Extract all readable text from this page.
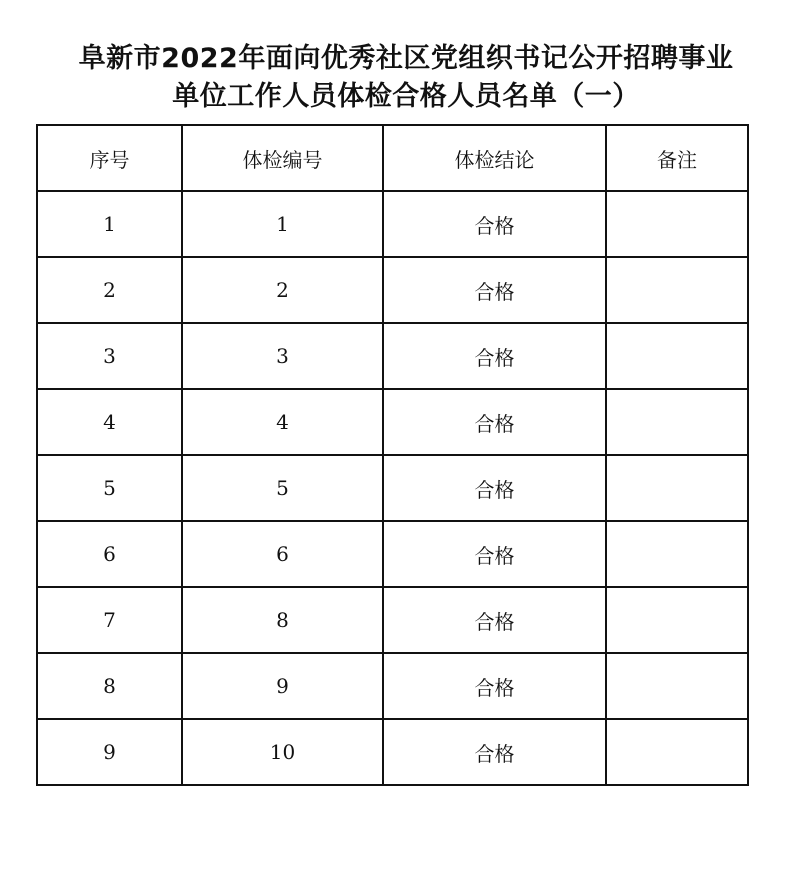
阜新市2022年面向优秀社区党组织书记公开招聘事业
单位工作人员体检合格人员名单（一）
序号	体检编号	体检结论	备注
1	1	合格	
2	2	合格	
3	3	合格	
4	4	合格	
5	5	合格	
6	6	合格	
7	8	合格	
8	9	合格	
9	10	合格	
